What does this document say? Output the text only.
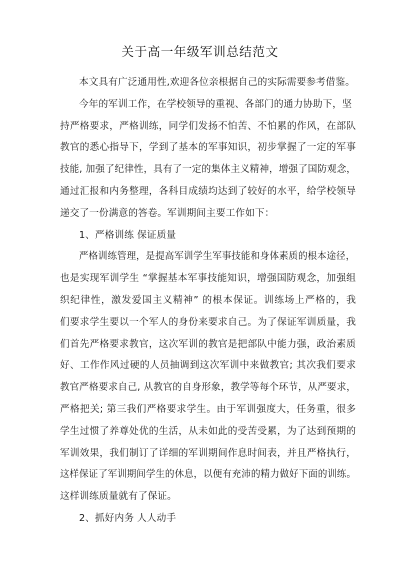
关于高一年级军训总结范文
本文具有广泛通用性,欢迎各位亲根据自己的实际需要参考借鉴。
今年的军训工作，在学校领导的重视、各部门的通力协助下，坚
持严格要求，严格训练，同学们发扬不怕苦、不怕累的作风，在部队
教官的悉心指导下，学到了基本的军事知识，初步掌握了一定的军事
技能, 加强了纪律性，具有了一定的集体主义精神，增强了国防观念，
通过汇报和内务整理，各科目成绩均达到了较好的水平，给学校领导
递交了一份满意的答卷。军训期间主要工作如下：
1、严格训练 保证质量
严格训练管理，是提高军训学生军事技能和身体素质的根本途径，
也是实现军训学生 “掌握基本军事技能知识，增强国防观念，加强组
织纪律性，激发爱国主义精神” 的根本保证。训练场上严格的，我
们要求学生要以一个军人的身份来要求自己。为了保证军训质量，我
们首先严格要求教官，这次军训的教官是把部队中能力强，政治素质
好、工作作风过硬的人员抽调到这次军训中来做教官; 其次我们要求
教官严格要求自己, 从教官的自身形象，教学等每个环节，从严要求，
严格把关; 第三我们严格要求学生。由于军训强度大，任务重，很多
学生过惯了养尊处优的生活，从未如此的受苦受累，为了达到预期的
军训效果，我们制订了详细的军训期间作息时间表，并且严格执行，
这样保证了军训期间学生的休息，以便有充沛的精力做好下面的训练。
这样训练质量就有了保证。
2、抓好内务 人人动手
